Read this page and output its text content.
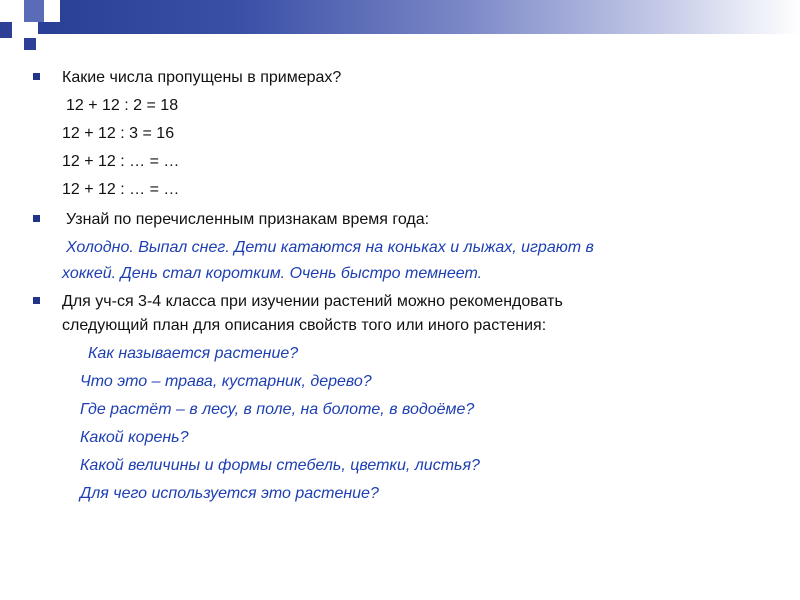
Какие числа пропущены в примерах?
12 + 12 : 2 = 18
12 + 12 : 3 = 16
12 + 12 : … = …
12 + 12 : … = …
Узнай по перечисленным признакам время года:
Холодно. Выпал снег. Дети катаются на коньках и лыжах, играют в
хоккей. День стал коротким. Очень быстро темнеет.
Для уч-ся 3-4 класса при изучении растений можно рекомендовать
следующий план для описания свойств того или иного растения:
Как называется растение?
Что это – трава, кустарник, дерево?
Где растёт – в лесу, в поле, на болоте, в водоёме?
Какой корень?
Какой величины и формы стебель, цветки, листья?
Для чего используется это растение?
